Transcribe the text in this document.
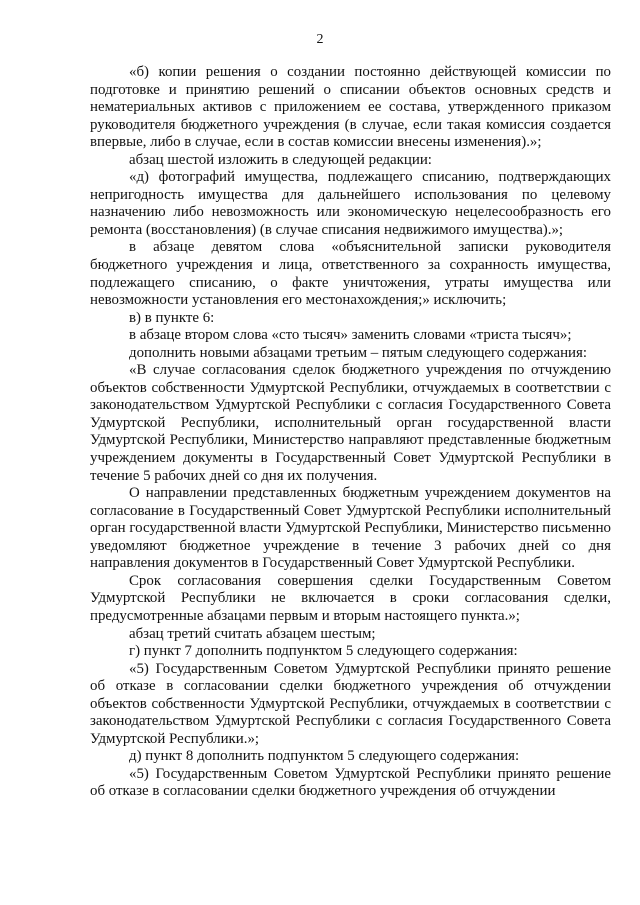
2

«б) копии решения о создании постоянно действующей комиссии по подготовке и принятию решений о списании объектов основных средств и нематериальных активов с приложением ее состава, утвержденного приказом руководителя бюджетного учреждения (в случае, если такая комиссия создается впервые, либо в случае, если в состав комиссии внесены изменения).»;

абзац шестой изложить в следующей редакции:

«д) фотографий имущества, подлежащего списанию, подтверждающих непригодность имущества для дальнейшего использования по целевому назначению либо невозможность или экономическую нецелесообразность его ремонта (восстановления) (в случае списания недвижимого имущества).»;

в абзаце девятом слова «объяснительной записки руководителя бюджетного учреждения и лица, ответственного за сохранность имущества, подлежащего списанию, о факте уничтожения, утраты имущества или невозможности установления его местонахождения;» исключить;

в) в пункте 6:

в абзаце втором слова «сто тысяч» заменить словами «триста тысяч»;

дополнить новыми абзацами третьим – пятым следующего содержания:

«В случае согласования сделок бюджетного учреждения по отчуждению объектов собственности Удмуртской Республики, отчуждаемых в соответствии с законодательством Удмуртской Республики с согласия Государственного Совета Удмуртской Республики, исполнительный орган государственной власти Удмуртской Республики, Министерство направляют представленные бюджетным учреждением документы в Государственный Совет Удмуртской Республики в течение 5 рабочих дней со дня их получения.

О направлении представленных бюджетным учреждением документов на согласование в Государственный Совет Удмуртской Республики исполнительный орган государственной власти Удмуртской Республики, Министерство письменно уведомляют бюджетное учреждение в течение 3 рабочих дней со дня направления документов в Государственный Совет Удмуртской Республики.

Срок согласования совершения сделки Государственным Советом Удмуртской Республики не включается в сроки согласования сделки, предусмотренные абзацами первым и вторым настоящего пункта.»;

абзац третий считать абзацем шестым;

г) пункт 7 дополнить подпунктом 5 следующего содержания:

«5) Государственным Советом Удмуртской Республики принято решение об отказе в согласовании сделки бюджетного учреждения об отчуждении объектов собственности Удмуртской Республики, отчуждаемых в соответствии с законодательством Удмуртской Республики с согласия Государственного Совета Удмуртской Республики.»;

д) пункт 8 дополнить подпунктом 5 следующего содержания:

«5) Государственным Советом Удмуртской Республики принято решение об отказе в согласовании сделки бюджетного учреждения об отчуждении
